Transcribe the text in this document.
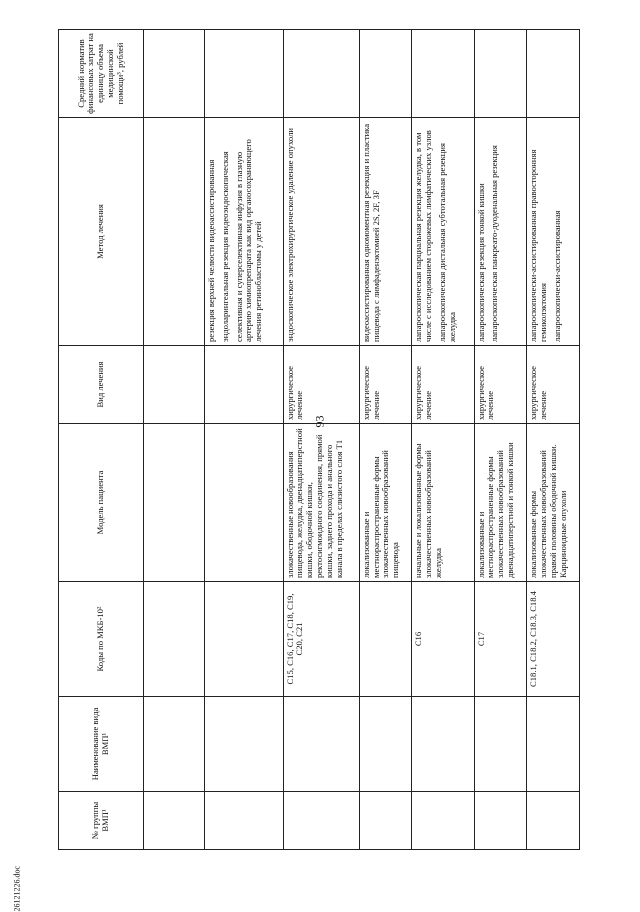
93
26121226.doc
№ группы ВМП¹	Наименование вида ВМП¹	Коды по МКБ-10²	Модель пациента	Вид лечения	Метод лечения	Средний норматив финансовых затрат на единицу объема медицинской помощи³, рублей

					резекция верхней челюсти видеоассистированная эндоларингеальная резекция видеоэндоскопическая селективная и суперселективная инфузия в глазную артерию химиопрепарата как вид органосохраняющего лечения ретинобластомы у детей	

		C15, C16, C17, C18, C19, C20, C21	злокачественные новообразования пищевода, желудка, двенадцатиперстной кишки, ободочной кишки, ректосигмоидного соединения, прямой кишки, заднего прохода и анального канала в пределах слизистого слоя T1	хирургическое лечение	эндоскопическое электрохирургическое удаление опухоли	

			локализованные и местнораспространенные формы злокачественных новообразований пищевода	хирургическое лечение	видеоассистированная одномоментная резекция и пластика пищевода с лимфаденэктомией 2S, 2F, 3F	

		C16	начальные и локализованные формы злокачественных новообразований желудка	хирургическое лечение	лапароскопическая парциальная резекция желудка, в том числе с исследованием сторожевых лимфатических узлов лапароскопическая дистальная субтотальная резекция желудка	

		C17	локализованные и местнораспространенные формы злокачественных новообразований двенадцатиперстной и тонкой кишки	хирургическое лечение	лапароскопическая резекция тонкой кишки лапароскопическая панкреато-дуоденальная резекция	

		C18.1, C18.2, C18.3, C18.4	локализованные формы злокачественных новообразований правой половины ободочной кишки. Карциноидные опухоли	хирургическое лечение	лапароскопически-ассистированная правосторонняя гемиколэктомия лапароскопически-ассистированная	
